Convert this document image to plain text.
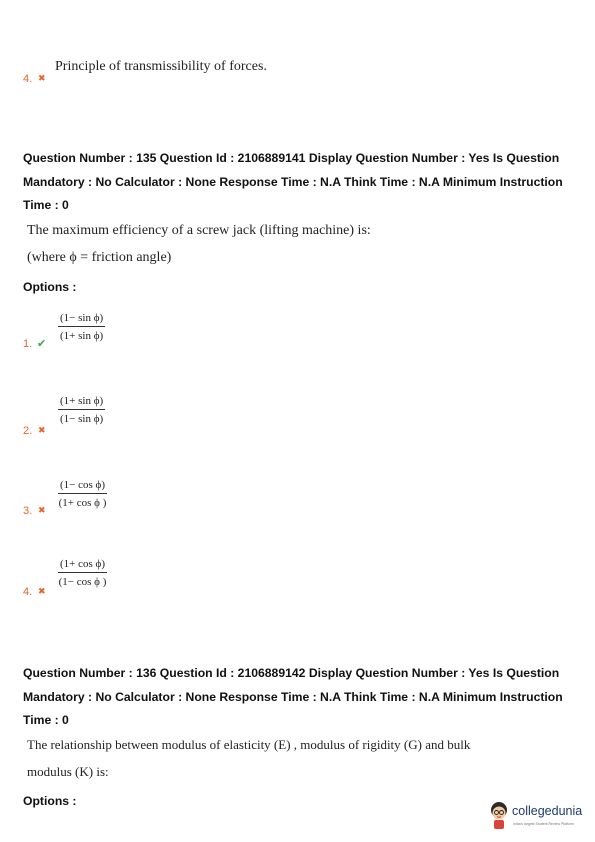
4. ✖
Principle of transmissibility of forces.
Question Number : 135 Question Id : 2106889141 Display Question Number : Yes Is Question
Mandatory : No Calculator : None Response Time : N.A Think Time : N.A Minimum Instruction
Time : 0
The maximum efficiency of a screw jack (lifting machine) is:
(where ϕ = friction angle)
Options :
$\frac{\text{(1− sin ϕ)}}{\text{(1+ sin ϕ)}}$
1. ✔
$\frac{\text{(1+ sin ϕ)}}{\text{(1− sin ϕ)}}$
2. ✖
$\frac{\text{(1− cos ϕ)}}{\text{(1+ cos ϕ )}}$
3. ✖
$\frac{\text{(1+ cos ϕ)}}{\text{(1− cos ϕ )}}$
4. ✖
Question Number : 136 Question Id : 2106889142 Display Question Number : Yes Is Question
Mandatory : No Calculator : None Response Time : N.A Think Time : N.A Minimum Instruction
Time : 0
The relationship between modulus of elasticity (E) , modulus of rigidity (G) and bulk
modulus (K) is:
Options :
collegedunia
India's largest Student Review Platform
